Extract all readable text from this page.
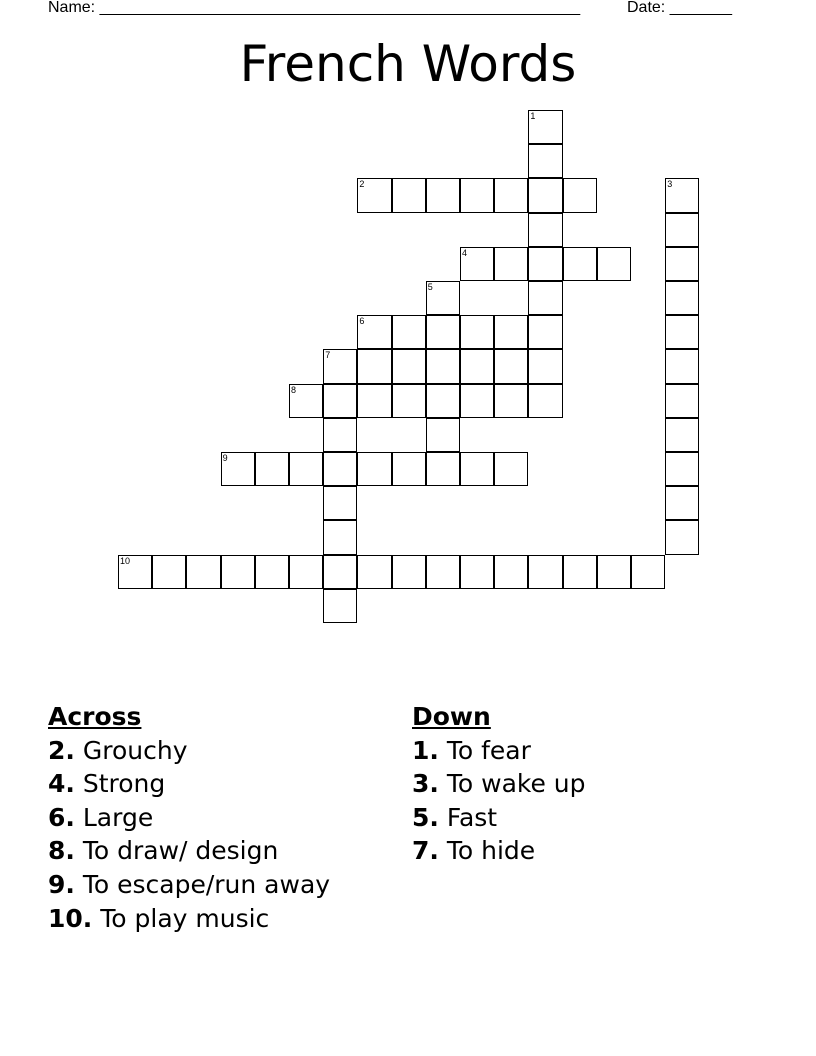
Name: ______________________________________________________	Date: _______
French Words
1
2	3
4
5
6
7
8
9
10
Across
2. Grouchy
4. Strong
6. Large
8. To draw/ design
9. To escape/run away
10. To play music
Down
1. To fear
3. To wake up
5. Fast
7. To hide
